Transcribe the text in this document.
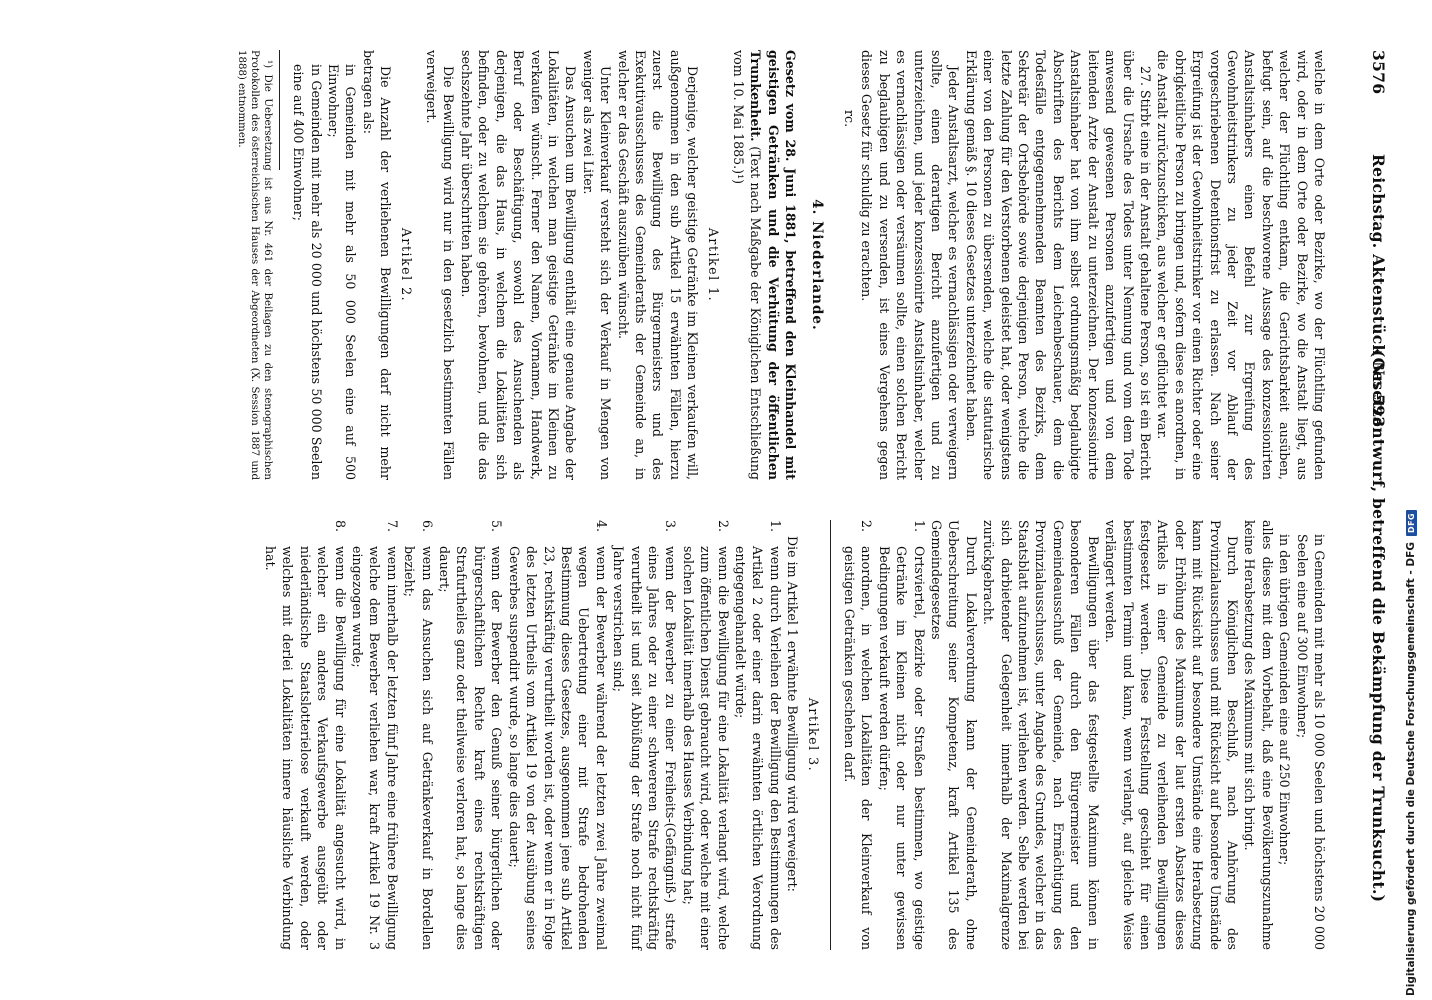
3576
Reichstag. Aktenstück Nr. 593.
(Gesetzentwurf, betreffend die Bekämpfung der Trunksucht.)

welche in dem Orte oder Bezirke, wo der Flüchtling gefunden wird, oder in dem Orte oder Bezirke, wo die Anstalt liegt, aus welcher der Flüchtling entkam, die Gerichtsbarkeit ausüben, befugt sein, auf die beschworene Aussage des konzessionirten Anstaltsinhabers einen Befehl zur Ergreifung des Gewohnheitstrinkers zu jeder Zeit vor Ablauf der vorgeschriebenen Detentionsfrist zu erlassen. Nach seiner Ergreifung ist der Gewohnheitstrinker vor einen Richter oder eine obrigkeitliche Person zu bringen und, sofern diese es anordnen, in die Anstalt zurückzuschicken, aus welcher er geflüchtet war.

27. Stirbt eine in der Anstalt gehaltene Person, so ist ein Bericht über die Ursache des Todes unter Nennung und vom dem Tode anwesend gewesenen Personen anzufertigen und von dem leitenden Arzte der Anstalt zu unterzeichnen. Der konzessionirte Anstaltsinhaber hat von ihm selbst ordnungsmäßig beglaubigte Abschriften des Berichts dem Leichenbeschauer, dem die Todesfälle entgegennehmenden Beamten des Bezirks, dem Sekretär der Ortsbehörde sowie derjenigen Person, welche die letzte Zahlung für den Verstorbenen geleistet hat, oder wenigstens einer von den Personen zu übersenden, welche die statutarische Erklärung gemäß §. 10 dieses Gesetzes unterzeichnet haben.

Jeder Anstaltsarzt, welcher es vernachlässigen oder verweigern sollte, einen derartigen Bericht anzufertigen und zu unterzeichnen, und jeder konzessionirte Anstaltsinhaber, welcher es vernachlässigen oder versäumen sollte, einen solchen Bericht zu beglaubigen und zu versenden, ist eines Vergehens gegen dieses Gesetz für schuldig zu erachten.

rc.

4. Niederlande.

Gesetz vom 28. Juni 1881, betreffend den Kleinhandel mit geistigen Getränken und die Verhütung der öffentlichen Trunkenheit. (Text nach Maßgabe der Königlichen Entschließung vom 10. Mai 1885.)¹)

Artikel 1.

Derjenige, welcher geistige Getränke im Kleinen verkaufen will, außgenommen in den sub Artikel 15 erwähnten Fällen, hierzu zuerst die Bewilligung des Bürgermeisters und des Exekutivausschusses des Gemeinderaths der Gemeinde an, in welcher er das Geschäft auszuüben wünscht.

Unter Kleinverkauf versteht sich der Verkauf in Mengen von weniger als zwei Liter.

Das Ansuchen um Bewilligung enthält eine genaue Angabe der Lokalitäten, in welchen man geistige Getränke im Kleinen zu verkaufen wünscht. Ferner den Namen, Vornamen, Handwerk, Beruf oder Beschäftigung, sowohl des Ansuchenden als derjenigen, die das Haus, in welchem die Lokalitäten sich befinden, oder zu welchem sie gehören, bewohnen, und die das sechszehnte Jahr überschritten haben.

Die Bewilligung wird nur in den gesetzlich bestimmten Fällen verweigert.

Artikel 2.

Die Anzahl der verliehenen Bewilligungen darf nicht mehr betragen als:

in Gemeinden mit mehr als 50 000 Seelen eine auf 500 Einwohner;

in Gemeinden mit mehr als 20 000 und höchstens 50 000 Seelen eine auf 400 Einwohner;

¹) Die Uebersetzung ist aus Nr. 461 der Beilagen zu den stenographischen Protokollen des österreichischen Hauses der Abgeordneten (X. Session 1887 und 1888) entnommen.

in Gemeinden mit mehr als 10 000 Seelen und höchstens 20 000 Seelen eine auf 300 Einwohner;

in den übrigen Gemeinden eine auf 250 Einwohner;

alles dieses mit dem Vorbehalt, daß eine Bevölkerungszunahme keine Herabsetzung des Maximums mit sich bringt.

Durch Königlichen Beschluß, nach Anhörung des Provinzialausschusses und mit Rücksicht auf besondere Umstände kann mit Rücksicht auf besondere Umstände eine Herabsetzung oder Erhöhung des Maximums der laut ersten Absatzes dieses Artikels in einer Gemeinde zu verleihenden Bewilligungen festgesetzt werden. Diese Feststellung geschieht für einen bestimmten Termin und kann, wenn verlangt, auf gleiche Weise verlängert werden.

Bewilligungen über das festgestellte Maximum können in besonderen Fällen durch den Bürgermeister und den Gemeindeausschuß der Gemeinde, nach Ermächtigung des Provinzialausschusses, unter Angabe des Grundes, welcher in das Staatsblatt aufzunehmen ist, verliehen werden. Selbe werden bei sich darbietender Gelegenheit innerhalb der Maximalgrenze zurückgebracht.

Durch Lokalverordnung kann der Gemeinderath, ohne Ueberschreitung seiner Kompetenz, kraft Artikel 135 des Gemeindegesetzes

1.
Ortsviertel, Bezirke oder Straßen bestimmen, wo geistige Getränke im Kleinen nicht oder nur unter gewissen Bedingungen verkauft werden dürfen;

2.
anordnen, in welchen Lokalitäten der Kleinverkauf von geistigen Getränken geschehen darf.

Artikel 3.

Die im Artikel 1 erwähnte Bewilligung wird verweigert:

1.
wenn durch Verleihen der Bewilligung den Bestimmungen des Artikel 2 oder einer darin erwähnten örtlichen Verordnung entgegengehandelt würde;

2.
wenn die Bewilligung für eine Lokalität verlangt wird, welche zum öffentlichen Dienst gebraucht wird, oder welche mit einer solchen Lokalität innerhalb des Hauses Verbindung hat;

3.
wenn der Bewerber zu einer Freiheits-(Gefängniß-) strafe eines Jahres oder zu einer schwereren Strafe rechtskräftig verurtheilt ist und seit Abbüßung der Strafe noch nicht fünf Jahre verstrichen sind;

4.
wenn der Bewerber während der letzten zwei Jahre zweimal wegen Uebertretung einer mit Strafe bedrohenden Bestimmung dieses Gesetzes, ausgenommen jene sub Artikel 23, rechtskräftig verurtheilt worden ist, oder wenn er in Folge des letzten Urtheils vom Artikel 19 von der Ausübung seines Gewerbes suspendirt wurde, so lange dies dauert;

5.
wenn der Bewerber den Genuß seiner bürgerlichen oder bürgerschaftlichen Rechte kraft eines rechtskräftigen Strafurtheiles ganz oder theilweise verloren hat, so lange dies dauert;

6.
wenn das Ansuchen sich auf Getränkeverkauf in Bordellen bezieht;

7.
wenn innerhalb der letzten fünf Jahre eine frühere Bewilligung welche dem Bewerber verliehen war, kraft Artikel 19 Nr. 3 eingezogen wurde;

8.
wenn die Bewilligung für eine Lokalität angesucht wird, in welcher ein anderes Verkaufsgewerbe ausgeübt oder niederländische Staatslotterielose verkauft werden, oder welches mit derlei Lokalitäten innere häusliche Verbindung hat.	Digitalisierung gefördert durch die Deutsche Forschungsgemeinschaft - DFG
DFG
